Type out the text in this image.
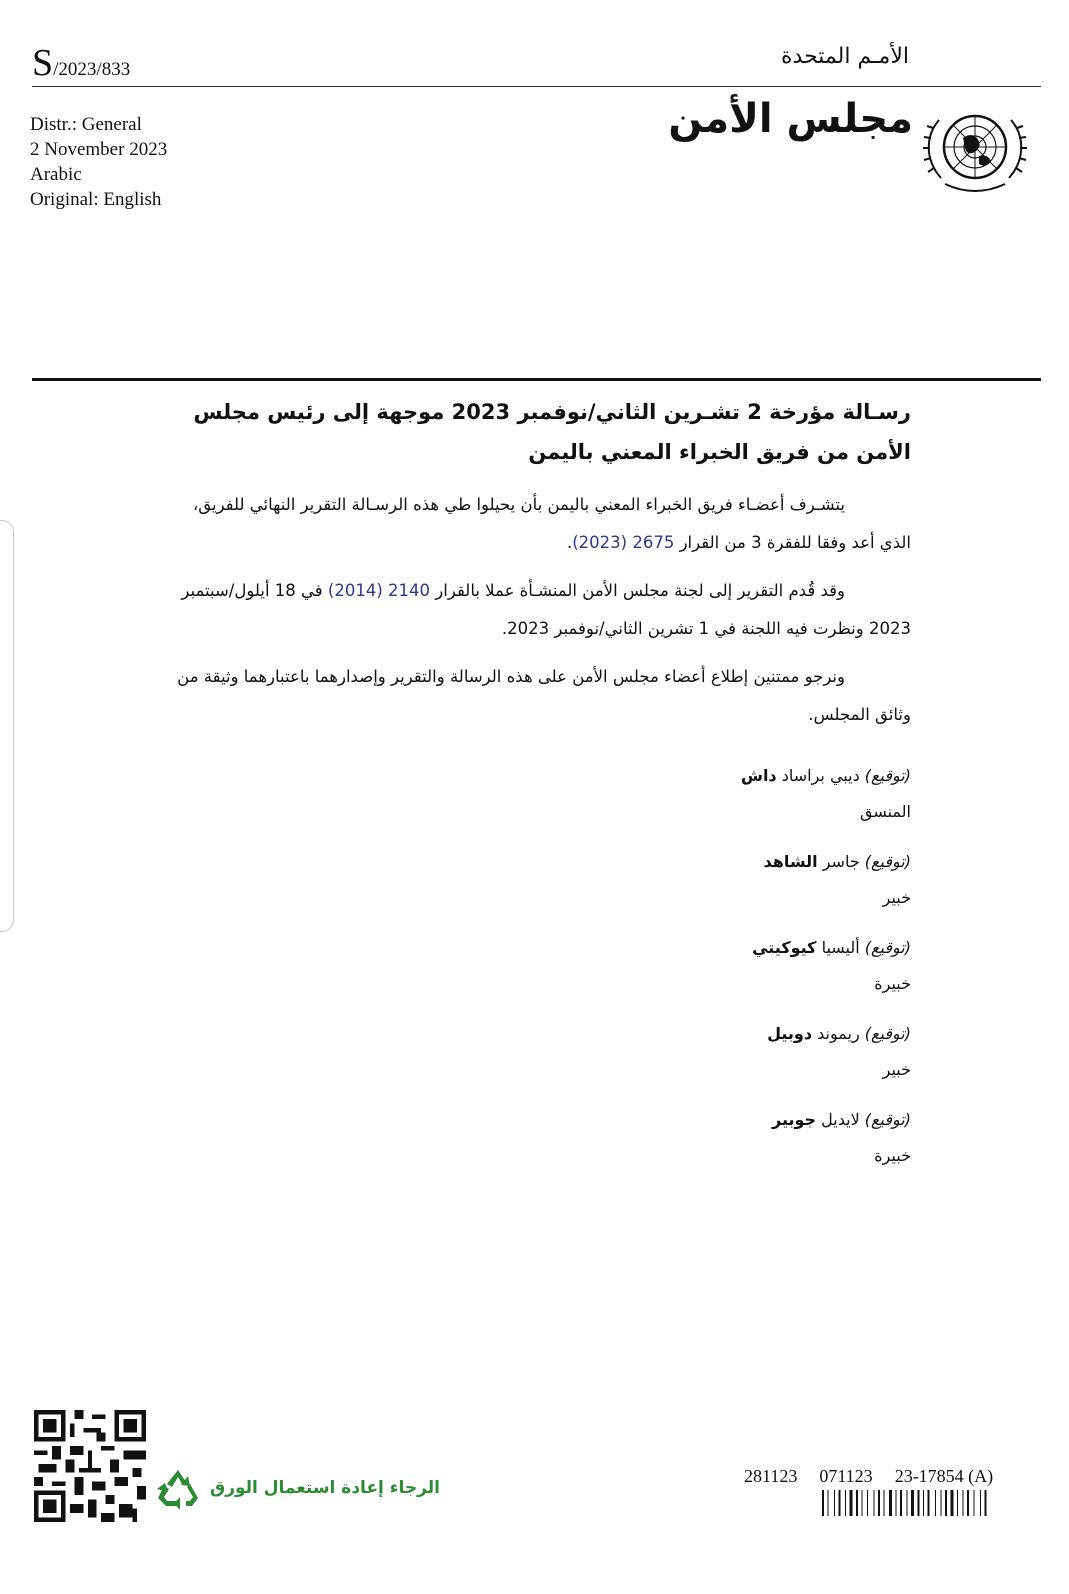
S/2023/833
الأمـم المتحدة
Distr.: General
2 November 2023
Arabic
Original: English
مجلس الأمن

رسـالة مؤرخة 2 تشـرين الثاني/نوفمبر 2023 موجهة إلى رئيس مجلس الأمن من فريق الخبراء المعني باليمن

يتشـرف أعضـاء فريق الخبراء المعني باليمن بأن يحيلوا طي هذه الرسـالة التقرير النهائي للفريق، الذي أعد وفقا للفقرة 3 من القرار 2675 (2023).

وقد قُدم التقرير إلى لجنة مجلس الأمن المنشـأة عملا بالقرار 2140 (2014) في 18 أيلول/سبتمبر 2023 ونظرت فيه اللجنة في 1 تشرين الثاني/نوفمبر 2023.

ونرجو ممتنين إطلاع أعضاء مجلس الأمن على هذه الرسالة والتقرير وإصدارهما باعتبارهما وثيقة من وثائق المجلس.

(توقيع) ديبي براساد داش
المنسق
(توقيع) جاسر الشاهد
خبير
(توقيع) أليسيا كيوكيتي
خبيرة
(توقيع) ريموند دوبيل
خبير
(توقيع) لايديل جوبير
خبيرة
الرجاء إعادة استعمال الورق
281123 071123 23-17854 (A)
